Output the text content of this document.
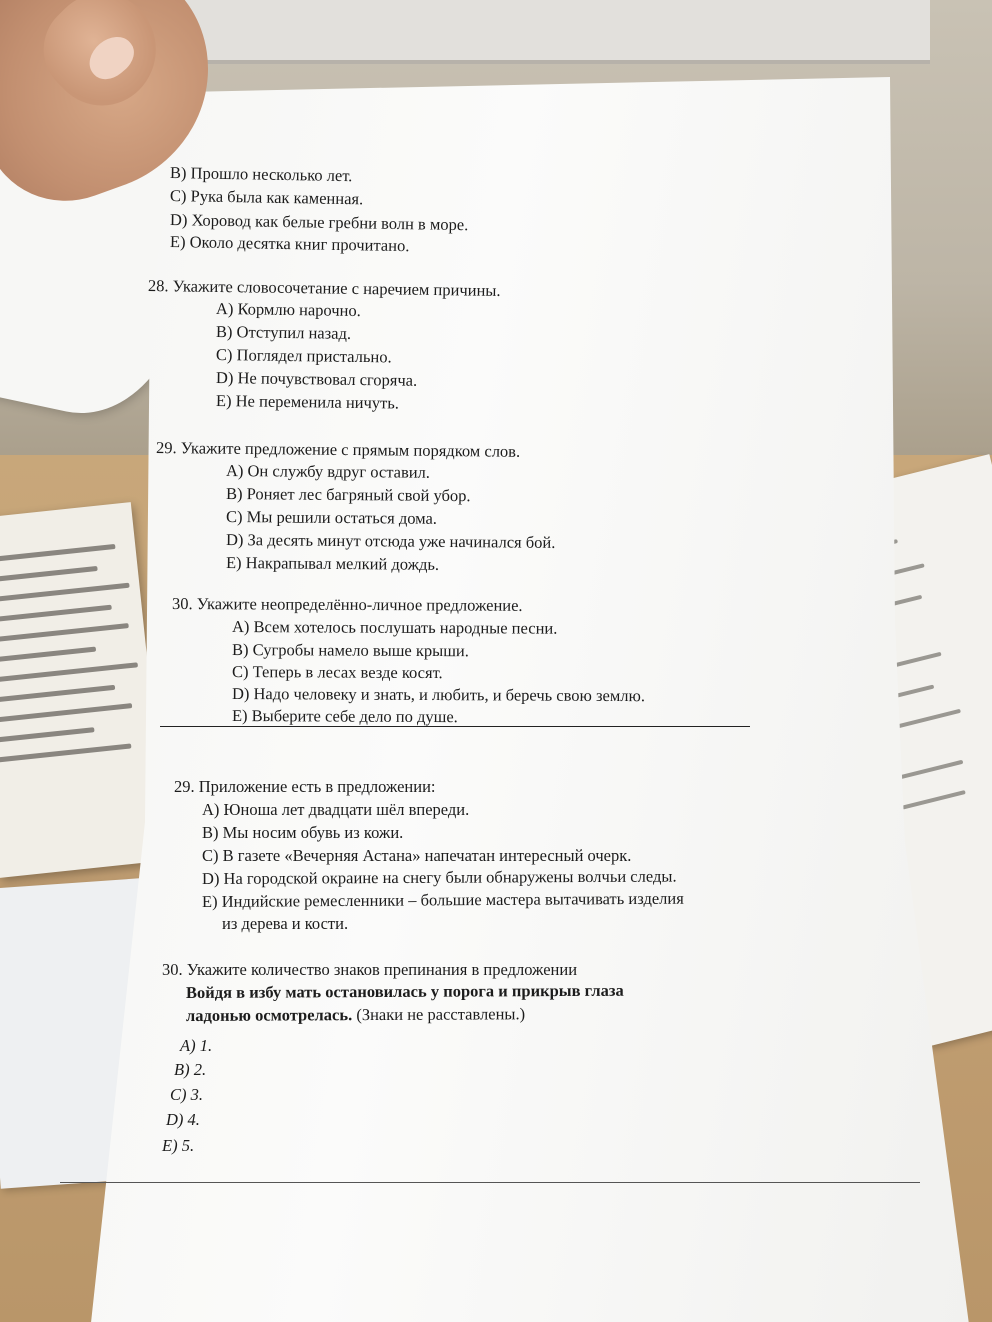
В) Прошло несколько лет.
С) Рука была как каменная.
D) Хоровод как белые гребни волн в море.
Е) Около десятка книг прочитано.
28. Укажите словосочетание с наречием причины.
А) Кормлю нарочно.
В) Отступил назад.
С) Поглядел пристально.
D) Не почувствовал сгоряча.
Е) Не переменила ничуть.
29. Укажите предложение с прямым порядком слов.
А) Он службу вдруг оставил.
В) Роняет лес багряный свой убор.
С) Мы решили остаться дома.
D) За десять минут отсюда уже начинался бой.
Е) Накрапывал мелкий дождь.
30. Укажите неопределённо-личное предложение.
А) Всем хотелось послушать народные песни.
В) Сугробы намело выше крыши.
С) Теперь в лесах везде косят.
D) Надо человеку и знать, и любить, и беречь свою землю.
Е) Выберите себе дело по душе.
29. Приложение есть в предложении:
А) Юноша лет двадцати шёл впереди.
В) Мы носим обувь из кожи.
С) В газете «Вечерняя Астана» напечатан интересный очерк.
D) На городской окраине на снегу были обнаружены волчьи следы.
Е) Индийские ремесленники – большие мастера вытачивать изделия
из дерева и кости.
30. Укажите количество знаков препинания в предложении
Войдя в избу мать остановилась у порога и прикрыв глаза
ладонью осмотрелась. (Знаки не расставлены.)
А) 1.
В) 2.
С) 3.
D) 4.
Е) 5.
